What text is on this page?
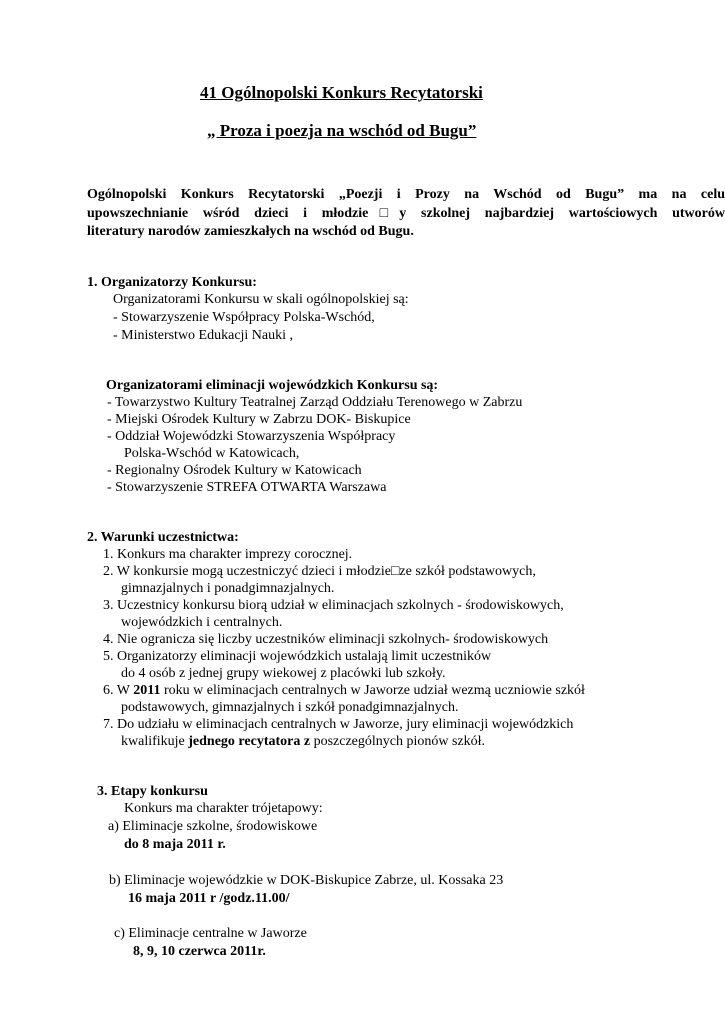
41 Ogólnopolski Konkurs Recytatorski
„ Proza i poezja na wschód od Bugu”
Ogólnopolski Konkurs Recytatorski „Poezji i Prozy na Wschód od Bugu” ma na celu
upowszechnianie wśród dzieci i młodzie□y szkolnej najbardziej wartościowych utworów
literatury narodów zamieszkałych na wschód od Bugu.
1. Organizatorzy Konkursu:
Organizatorami Konkursu w skali ogólnopolskiej są:
- Stowarzyszenie Współpracy Polska-Wschód,
- Ministerstwo Edukacji Nauki ,
Organizatorami eliminacji wojewódzkich Konkursu są:
- Towarzystwo Kultury Teatralnej Zarząd Oddziału Terenowego w Zabrzu
- Miejski Ośrodek Kultury w Zabrzu DOK- Biskupice
- Oddział Wojewódzki Stowarzyszenia Współpracy
Polska-Wschód w Katowicach,
- Regionalny Ośrodek Kultury w Katowicach
- Stowarzyszenie STREFA OTWARTA Warszawa
2. Warunki uczestnictwa:
1. Konkurs ma charakter imprezy corocznej.
2. W konkursie mogą uczestniczyć dzieci i młodzie□ze szkół podstawowych,
gimnazjalnych i ponadgimnazjalnych.
3. Uczestnicy konkursu biorą udział w eliminacjach szkolnych - środowiskowych,
wojewódzkich i centralnych.
4. Nie ogranicza się liczby uczestników eliminacji szkolnych- środowiskowych
5. Organizatorzy eliminacji wojewódzkich ustalają limit uczestników
do 4 osób z jednej grupy wiekowej z placówki lub szkoły.
6. W 2011 roku w eliminacjach centralnych w Jaworze udział wezmą uczniowie szkół
podstawowych, gimnazjalnych i szkół ponadgimnazjalnych.
7. Do udziału w eliminacjach centralnych w Jaworze, jury eliminacji wojewódzkich
kwalifikuje jednego recytatora z poszczególnych pionów szkół.
3. Etapy konkursu
Konkurs ma charakter trójetapowy:
a) Eliminacje szkolne, środowiskowe
do 8 maja 2011 r.
b) Eliminacje wojewódzkie w DOK-Biskupice Zabrze, ul. Kossaka 23
16 maja 2011 r /godz.11.00/
c) Eliminacje centralne w Jaworze
8, 9, 10 czerwca 2011r.
